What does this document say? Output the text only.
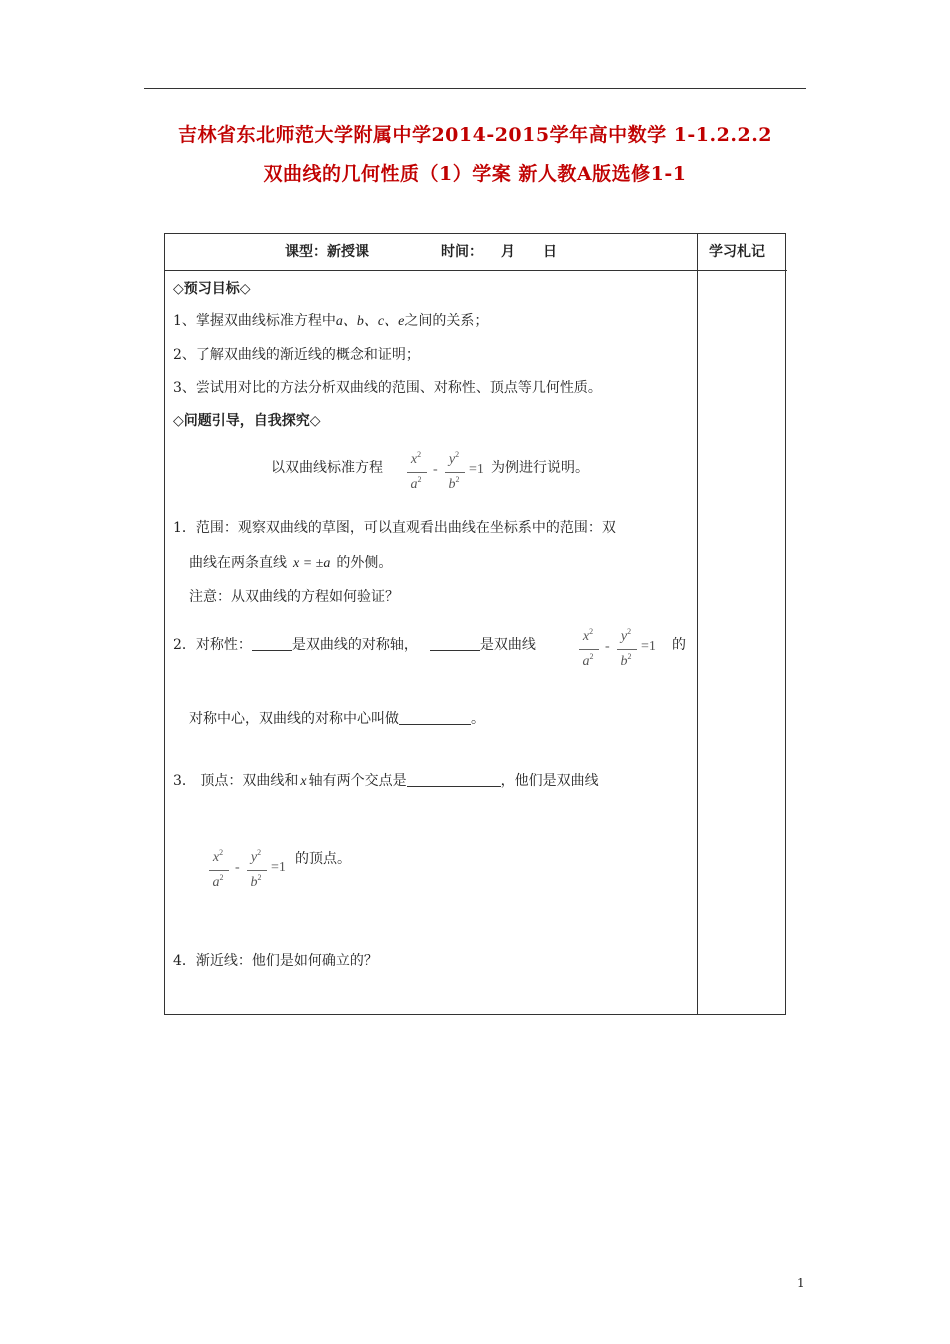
吉林省东北师范大学附属中学2014-2015学年高中数学 1-1.2.2.2
双曲线的几何性质（1）学案 新人教A版选修1-1
课型：新授课	时间： 月 日	学习札记
◇预习目标◇
1、掌握双曲线标准方程中a、b、c、e之间的关系；
2、了解双曲线的渐近线的概念和证明；
3、尝试用对比的方法分析双曲线的范围、对称性、顶点等几何性质。
◇问题引导，自我探究◇
以双曲线标准方程
$x^2$
$a^2$
-
$y^2$
$b^2$
=1 为例进行说明。
1．范围：观察双曲线的草图，可以直观看出曲线在坐标系中的范围：双
曲线在两条直线 x = ±a 的外侧。
注意：从双曲线的方程如何验证？
2．对称性：	是双曲线的对称轴，	是双曲线
$x^2$
$a^2$
-
$y^2$
$b^2$
=1 的
对称中心，双曲线的对称中心叫做	。
3． 顶点：双曲线和 x 轴有两个交点是	，他们是双曲线
$x^2$
$a^2$
-
$y^2$
$b^2$
=1
的顶点。
4．渐近线：他们是如何确立的？
1
